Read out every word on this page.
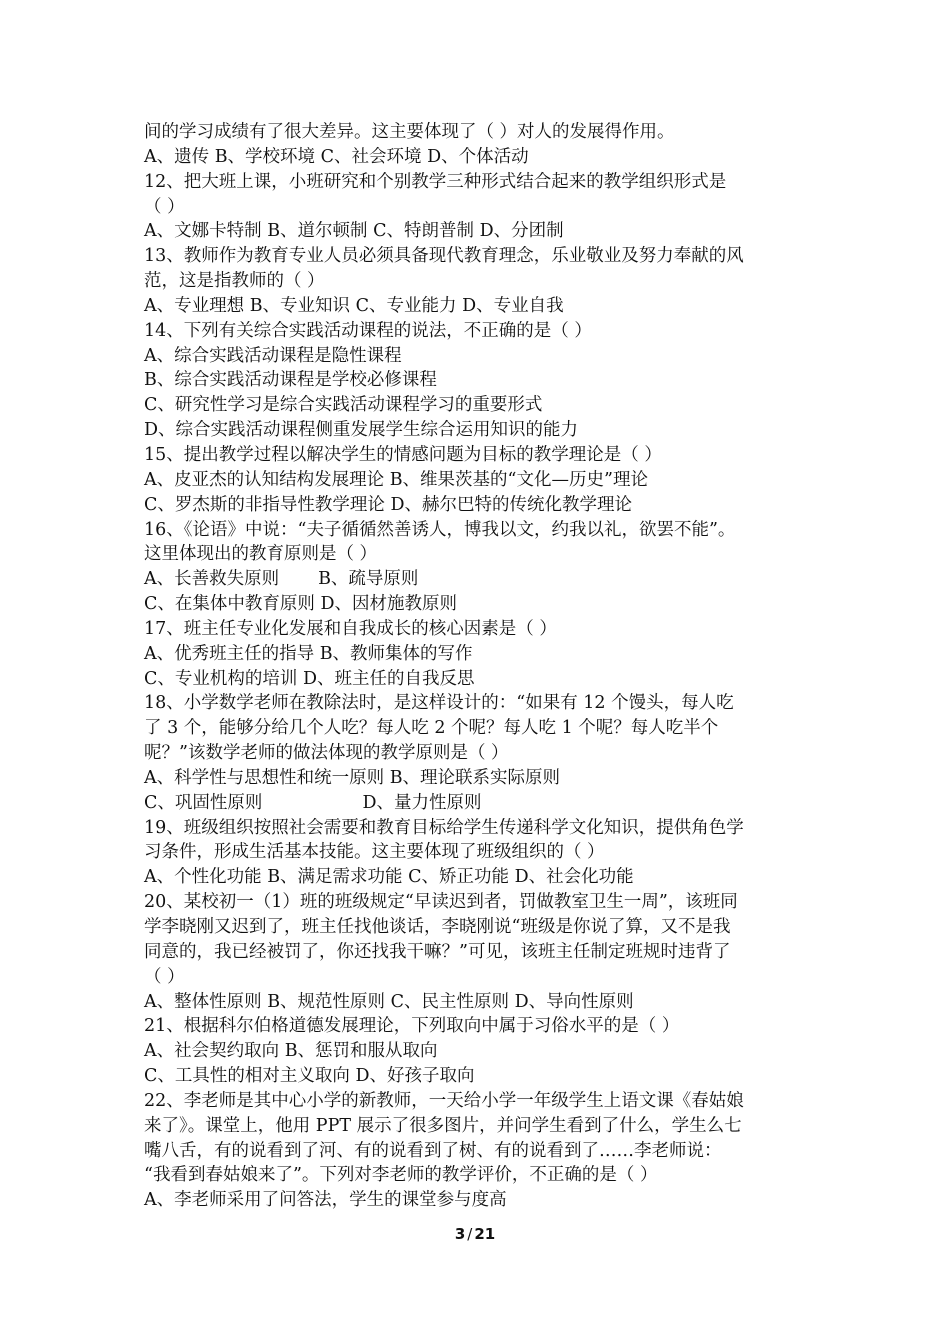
间的学习成绩有了很大差异。这主要体现了（ ）对人的发展得作用。
A、遗传 B、学校环境 C、社会环境 D、个体活动
12、把大班上课，小班研究和个别教学三种形式结合起来的教学组织形式是
（ ）
A、文娜卡特制 B、道尔顿制 C、特朗普制 D、分团制
13、教师作为教育专业人员必须具备现代教育理念，乐业敬业及努力奉献的风
范，这是指教师的（ ）
A、专业理想 B、专业知识 C、专业能力 D、专业自我
14、下列有关综合实践活动课程的说法，不正确的是（ ）
A、综合实践活动课程是隐性课程
B、综合实践活动课程是学校必修课程
C、研究性学习是综合实践活动课程学习的重要形式
D、综合实践活动课程侧重发展学生综合运用知识的能力
15、提出教学过程以解决学生的情感问题为目标的教学理论是（ ）
A、皮亚杰的认知结构发展理论 B、维果茨基的“文化—历史”理论
C、罗杰斯的非指导性教学理论 D、赫尔巴特的传统化教学理论
16、《论语》中说：“夫子循循然善诱人，博我以文，约我以礼，欲罢不能”。
这里体现出的教育原则是（ ）
A、长善救失原则       B、疏导原则
C、在集体中教育原则 D、因材施教原则
17、班主任专业化发展和自我成长的核心因素是（ ）
A、优秀班主任的指导 B、教师集体的写作
C、专业机构的培训 D、班主任的自我反思
18、小学数学老师在教除法时，是这样设计的：“如果有 12 个馒头，每人吃
了 3 个，能够分给几个人吃？每人吃 2 个呢？每人吃 1 个呢？每人吃半个
呢？”该数学老师的做法体现的教学原则是（ ）
A、科学性与思想性和统一原则 B、理论联系实际原则
C、巩固性原则                  D、量力性原则
19、班级组织按照社会需要和教育目标给学生传递科学文化知识，提供角色学
习条件，形成生活基本技能。这主要体现了班级组织的（ ）
A、个性化功能 B、满足需求功能 C、矫正功能 D、社会化功能
20、某校初一（1）班的班级规定“早读迟到者，罚做教室卫生一周”，该班同
学李晓刚又迟到了，班主任找他谈话，李晓刚说“班级是你说了算，又不是我
同意的，我已经被罚了，你还找我干嘛？”可见，该班主任制定班规时违背了
（ ）
A、整体性原则 B、规范性原则 C、民主性原则 D、导向性原则
21、根据科尔伯格道德发展理论，下列取向中属于习俗水平的是（ ）
A、社会契约取向 B、惩罚和服从取向
C、工具性的相对主义取向 D、好孩子取向
22、李老师是其中心小学的新教师，一天给小学一年级学生上语文课《春姑娘
来了》。课堂上，他用 PPT 展示了很多图片，并问学生看到了什么，学生么七
嘴八舌，有的说看到了河、有的说看到了树、有的说看到了……李老师说：
“我看到春姑娘来了”。下列对李老师的教学评价，不正确的是（ ）
A、李老师采用了问答法，学生的课堂参与度高
3 / 21
